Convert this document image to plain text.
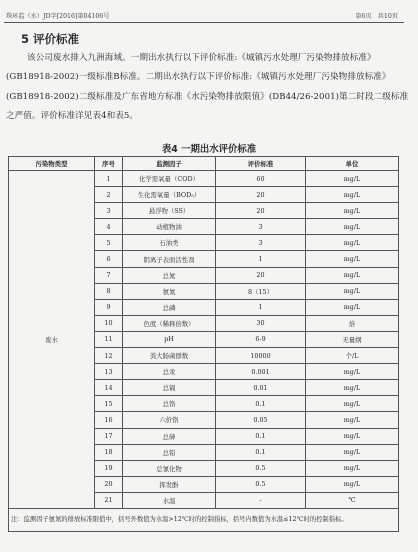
珠环监（水）JD字[2016]第04106号	第6页　共10页
5 评价标准

该公司废水排入九洲海域。一期出水执行以下评价标准:《城镇污水处理厂污染物排放标准》(GB18918-2002)一级标准B标准。二期出水执行以下评价标准:《城镇污水处理厂污染物排放标准》(GB18918-2002)二级标准及广东省地方标准《水污染物排放限值》(DB44/26-2001)第二时段二级标准之严值。评价标准详见表4和表5。

表4 一期出水评价标准
污染物类型	序号	监测因子	评价标准	单位
废水	1	化学需氧量（COD）	60	mg/L
	2	生化需氧量（BOD₅）	20	mg/L
	3	悬浮物（SS）	20	mg/L
	4	动植物油	3	mg/L
	5	石油类	3	mg/L
	6	阴离子表面活性剂	1	mg/L
	7	总氮	20	mg/L
	8	氨氮	8（15）	mg/L
	9	总磷	1	mg/L
	10	色度（稀释倍数）	30	倍
	11	pH	6-9	无量纲
	12	粪大肠菌群数	10000	个/L
	13	总汞	0.001	mg/L
	14	总镉	0.01	mg/L
	15	总铬	0.1	mg/L
	16	六价铬	0.05	mg/L
	17	总砷	0.1	mg/L
	18	总铅	0.1	mg/L
	19	总氰化物	0.5	mg/L
	20	挥发酚	0.5	mg/L
	21	水温	-	℃
注：监测因子氨氮的排放标准限值中，括号外数值为水温>12℃时的控制指标，括号内数值为水温≤12℃时的控制指标。				
